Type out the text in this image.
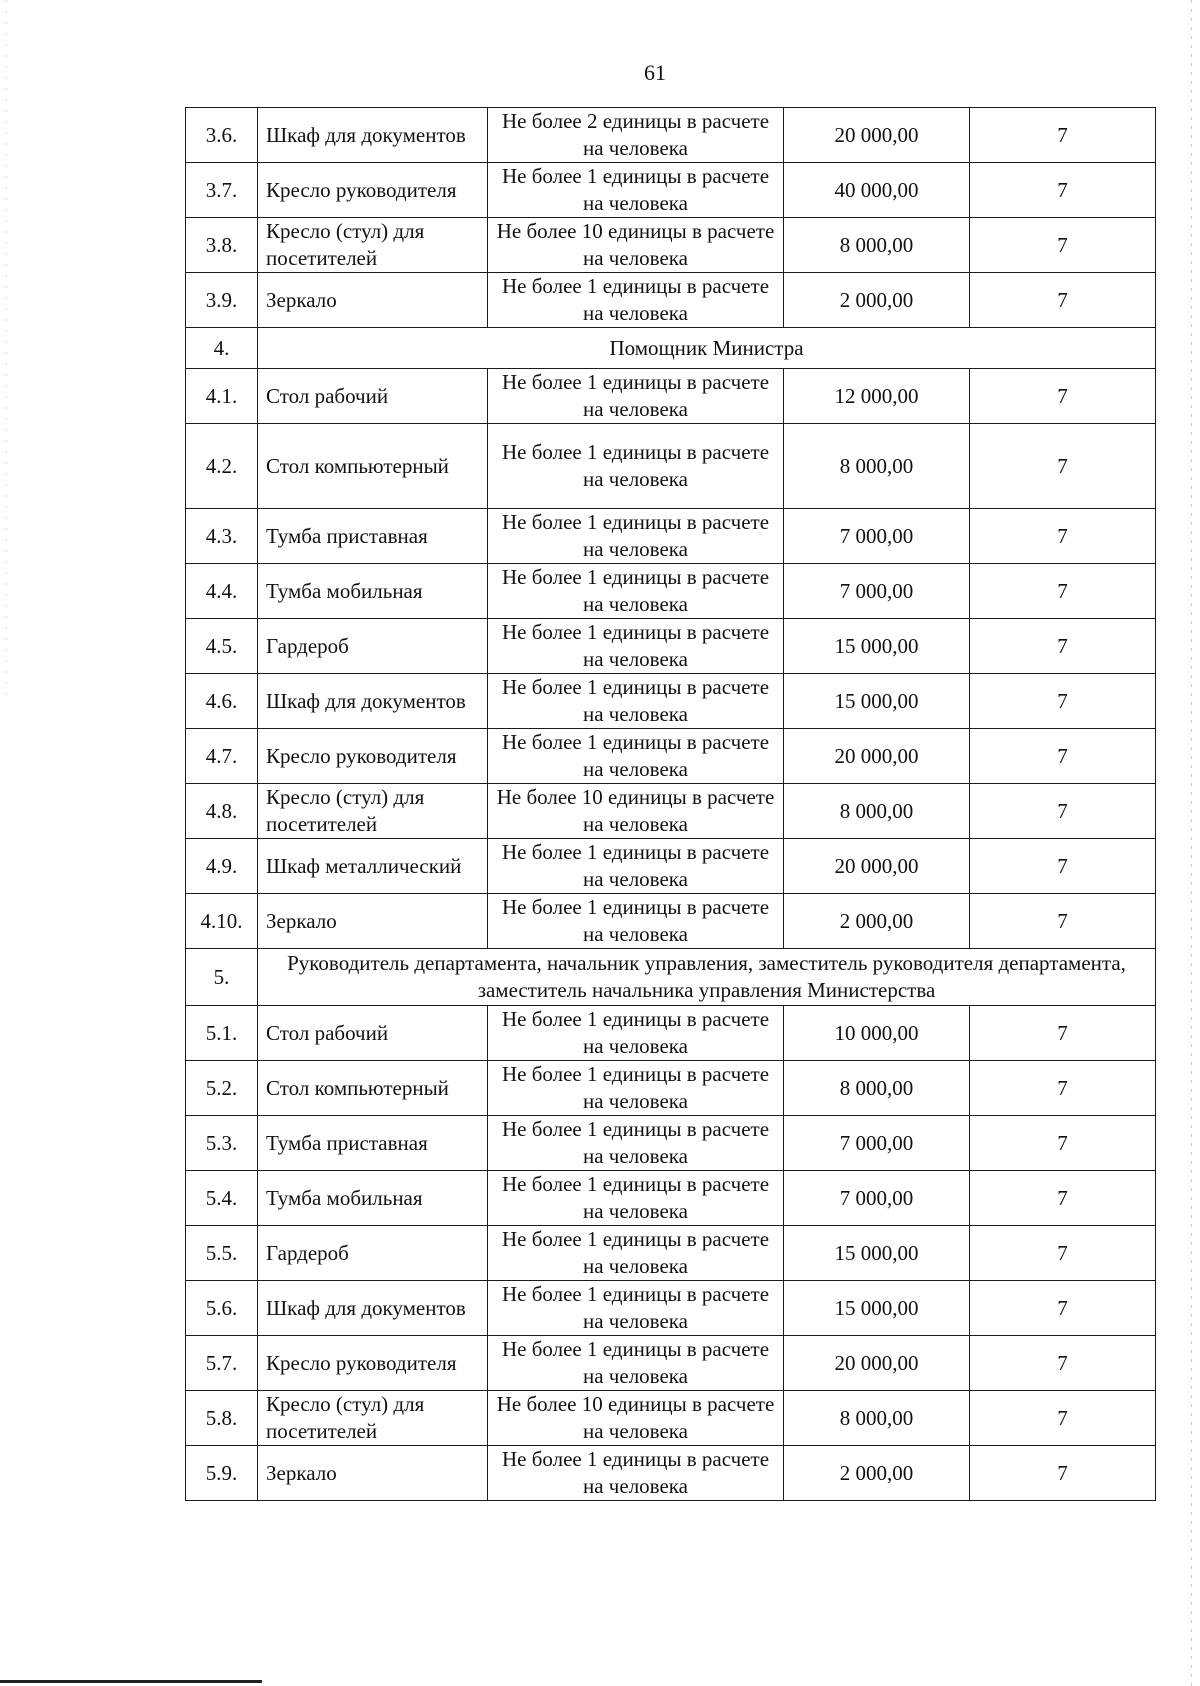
61
3.6.	Шкаф для документов	Не более 2 единицы в расчете на человека	20 000,00	7
3.7.	Кресло руководителя	Не более 1 единицы в расчете на человека	40 000,00	7
3.8.	Кресло (стул) для посетителей	Не более 10 единицы в расчете на человека	8 000,00	7
3.9.	Зеркало	Не более 1 единицы в расчете на человека	2 000,00	7
4.	Помощник Министра			
4.1.	Стол рабочий	Не более 1 единицы в расчете на человека	12 000,00	7
4.2.	Стол компьютерный	Не более 1 единицы в расчете на человека	8 000,00	7
4.3.	Тумба приставная	Не более 1 единицы в расчете на человека	7 000,00	7
4.4.	Тумба мобильная	Не более 1 единицы в расчете на человека	7 000,00	7
4.5.	Гардероб	Не более 1 единицы в расчете на человека	15 000,00	7
4.6.	Шкаф для документов	Не более 1 единицы в расчете на человека	15 000,00	7
4.7.	Кресло руководителя	Не более 1 единицы в расчете на человека	20 000,00	7
4.8.	Кресло (стул) для посетителей	Не более 10 единицы в расчете на человека	8 000,00	7
4.9.	Шкаф металлический	Не более 1 единицы в расчете на человека	20 000,00	7
4.10.	Зеркало	Не более 1 единицы в расчете на человека	2 000,00	7
5.	Руководитель департамента, начальник управления, заместитель руководителя департамента, заместитель начальника управления Министерства			
5.1.	Стол рабочий	Не более 1 единицы в расчете на человека	10 000,00	7
5.2.	Стол компьютерный	Не более 1 единицы в расчете на человека	8 000,00	7
5.3.	Тумба приставная	Не более 1 единицы в расчете на человека	7 000,00	7
5.4.	Тумба мобильная	Не более 1 единицы в расчете на человека	7 000,00	7
5.5.	Гардероб	Не более 1 единицы в расчете на человека	15 000,00	7
5.6.	Шкаф для документов	Не более 1 единицы в расчете на человека	15 000,00	7
5.7.	Кресло руководителя	Не более 1 единицы в расчете на человека	20 000,00	7
5.8.	Кресло (стул) для посетителей	Не более 10 единицы в расчете на человека	8 000,00	7
5.9.	Зеркало	Не более 1 единицы в расчете на человека	2 000,00	7
